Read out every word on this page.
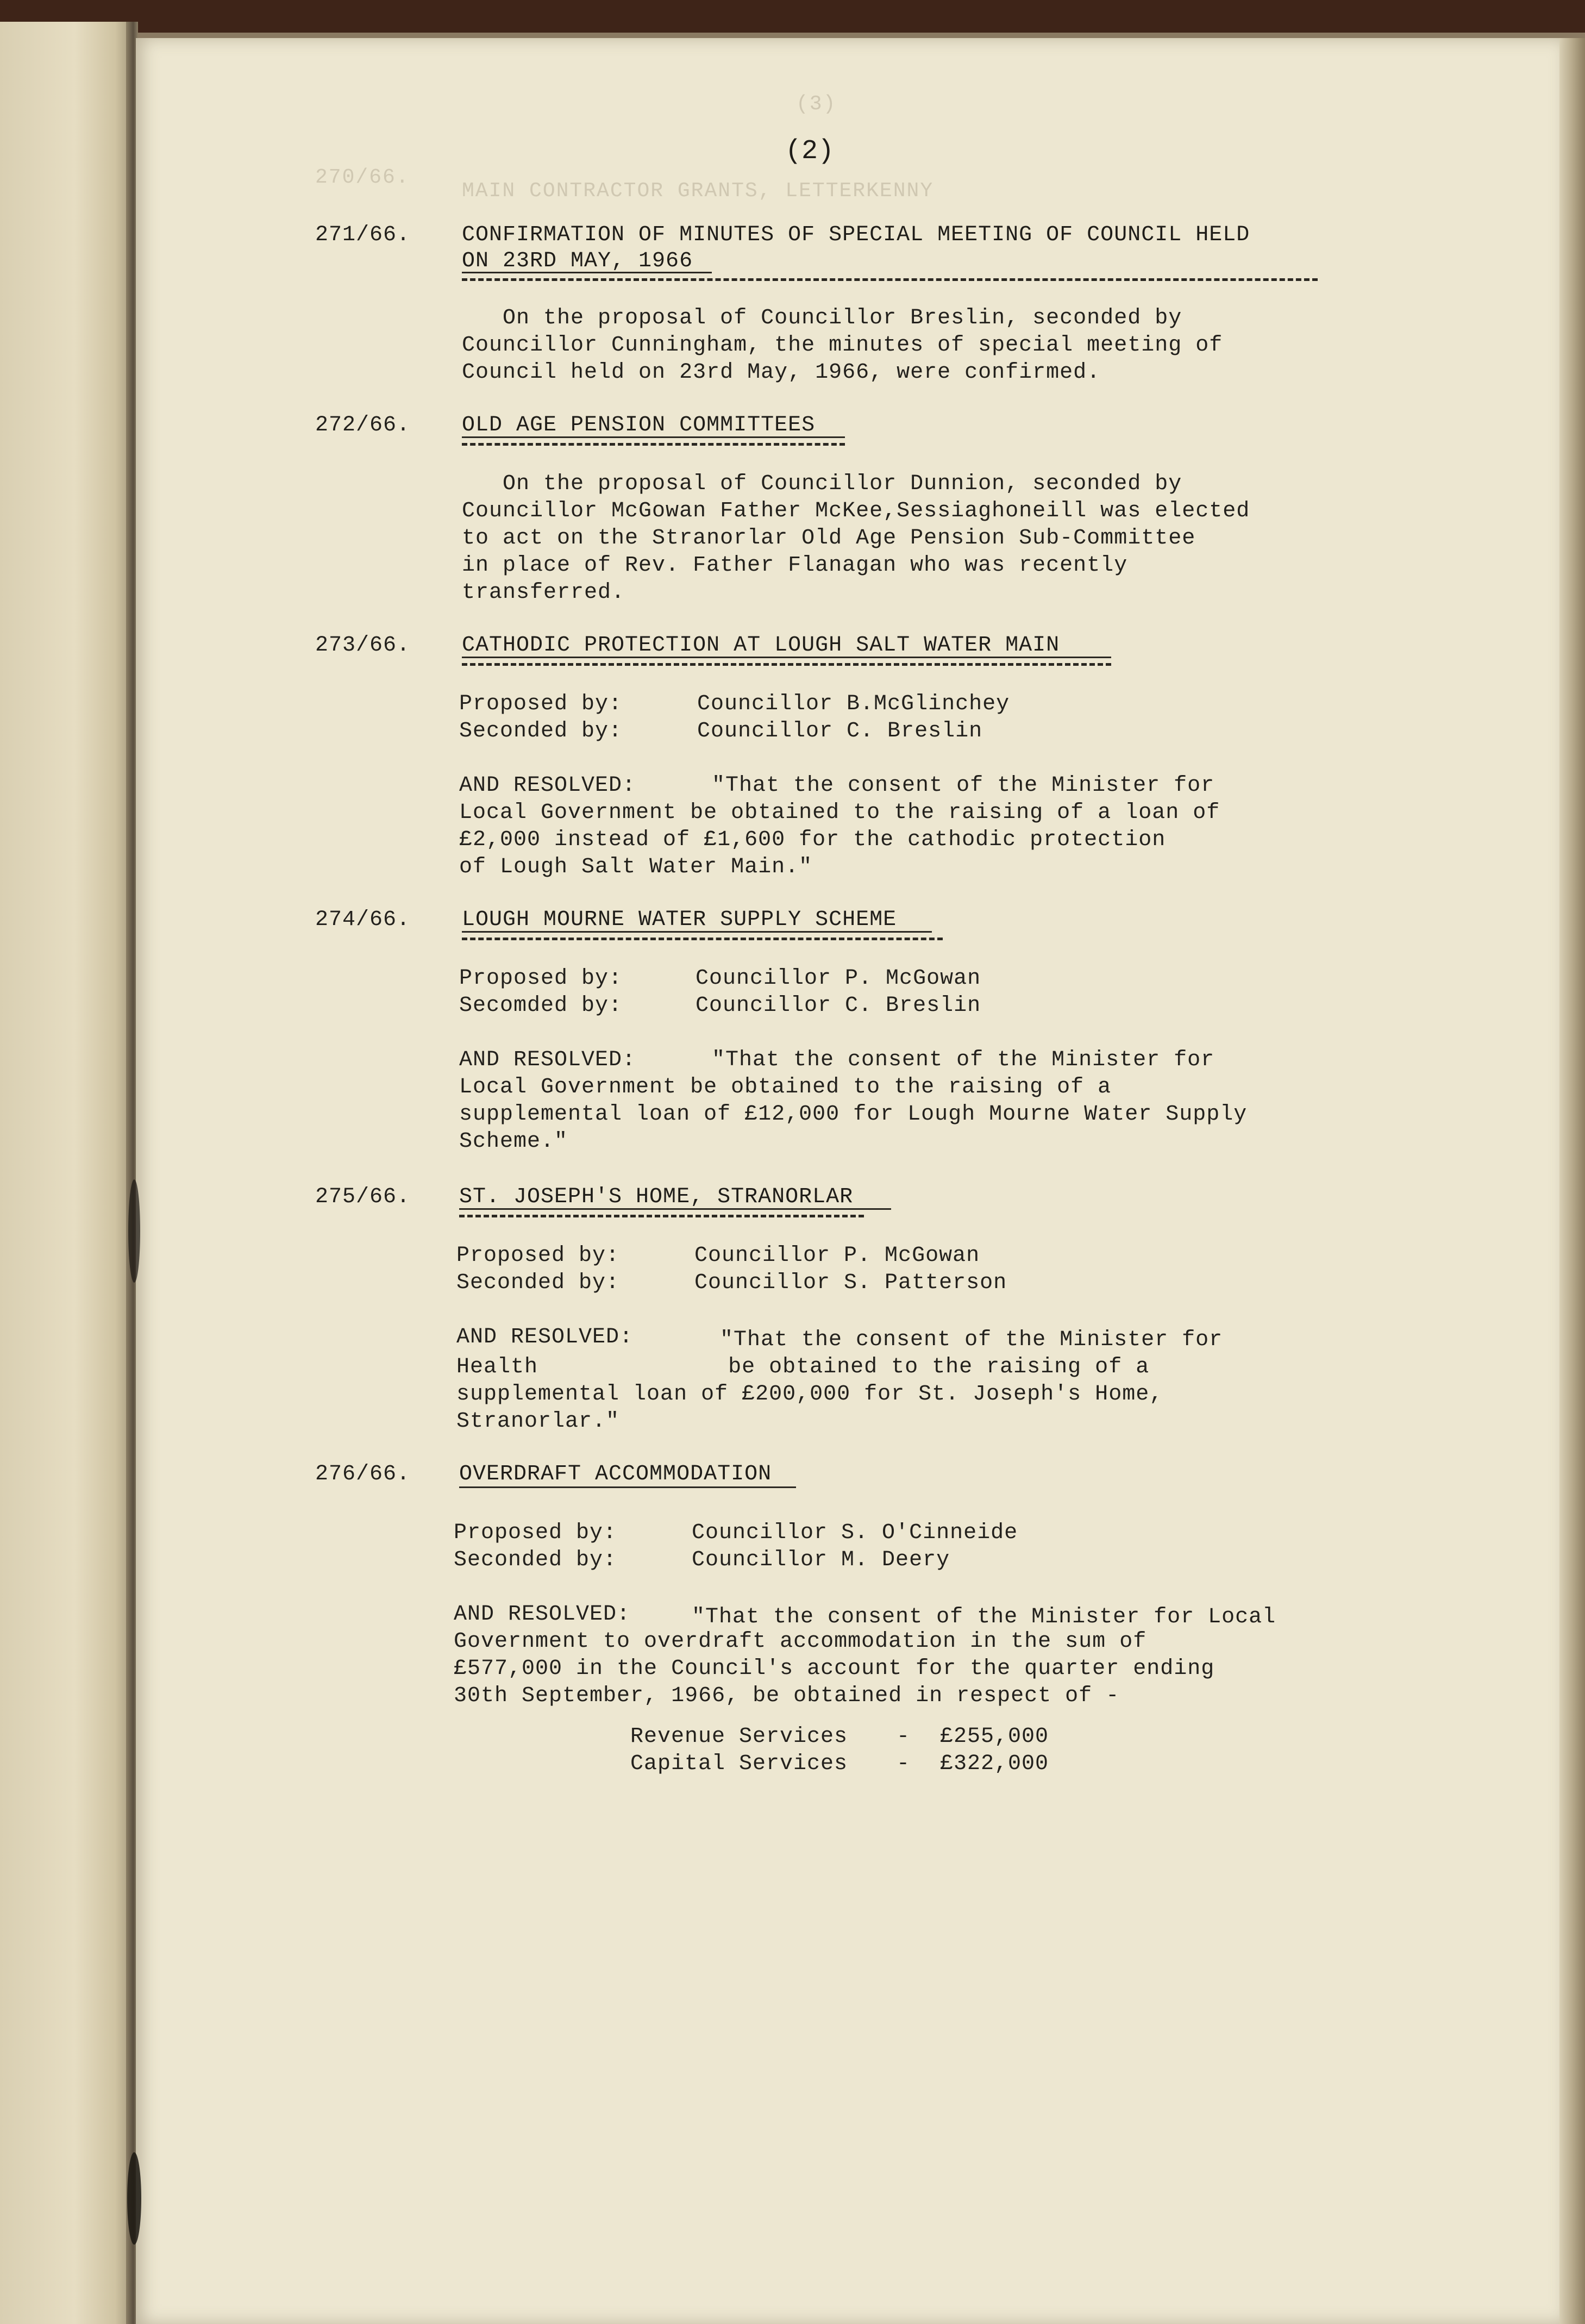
(3)
270/66.
MAIN CONTRACTOR GRANTS, LETTERKENNY
(2)
271/66. CONFIRMATION OF MINUTES OF SPECIAL MEETING OF COUNCIL HELD
ON 23RD MAY, 1966
On the proposal of Councillor Breslin, seconded by
Councillor Cunningham, the minutes of special meeting of
Council held on 23rd May, 1966, were confirmed.
272/66. OLD AGE PENSION COMMITTEES
On the proposal of Councillor Dunnion, seconded by
Councillor McGowan Father McKee,Sessiaghoneill was elected
to act on the Stranorlar Old Age Pension Sub-Committee
in place of Rev. Father Flanagan who was recently
transferred.
273/66. CATHODIC PROTECTION AT LOUGH SALT WATER MAIN
Proposed by:	Councillor B.McGlinchey
Seconded by:	Councillor C. Breslin
AND RESOLVED:	"That the consent of the Minister for
Local Government be obtained to the raising of a loan of
£2,000 instead of £1,600 for the cathodic protection
of Lough Salt Water Main."
274/66. LOUGH MOURNE WATER SUPPLY SCHEME
Proposed by:	Councillor P. McGowan
Secomded by:	Councillor C. Breslin
AND RESOLVED:	"That the consent of the Minister for
Local Government be obtained to the raising of a
supplemental loan of £12,000 for Lough Mourne Water Supply
Scheme."
275/66. ST. JOSEPH'S HOME, STRANORLAR
Proposed by:	Councillor P. McGowan
Seconded by:	Councillor S. Patterson
AND RESOLVED:	"That the consent of the Minister for
Health              be obtained to the raising of a
supplemental loan of £200,000 for St. Joseph's Home,
Stranorlar."
276/66. OVERDRAFT ACCOMMODATION
Proposed by:	Councillor S. O'Cinneide
Seconded by:	Councillor M. Deery
AND RESOLVED:	"That the consent of the Minister for Local
Government to overdraft accommodation in the sum of
£577,000 in the Council's account for the quarter ending
30th September, 1966, be obtained in respect of -
Revenue Services - £255,000
Capital Services - £322,000
